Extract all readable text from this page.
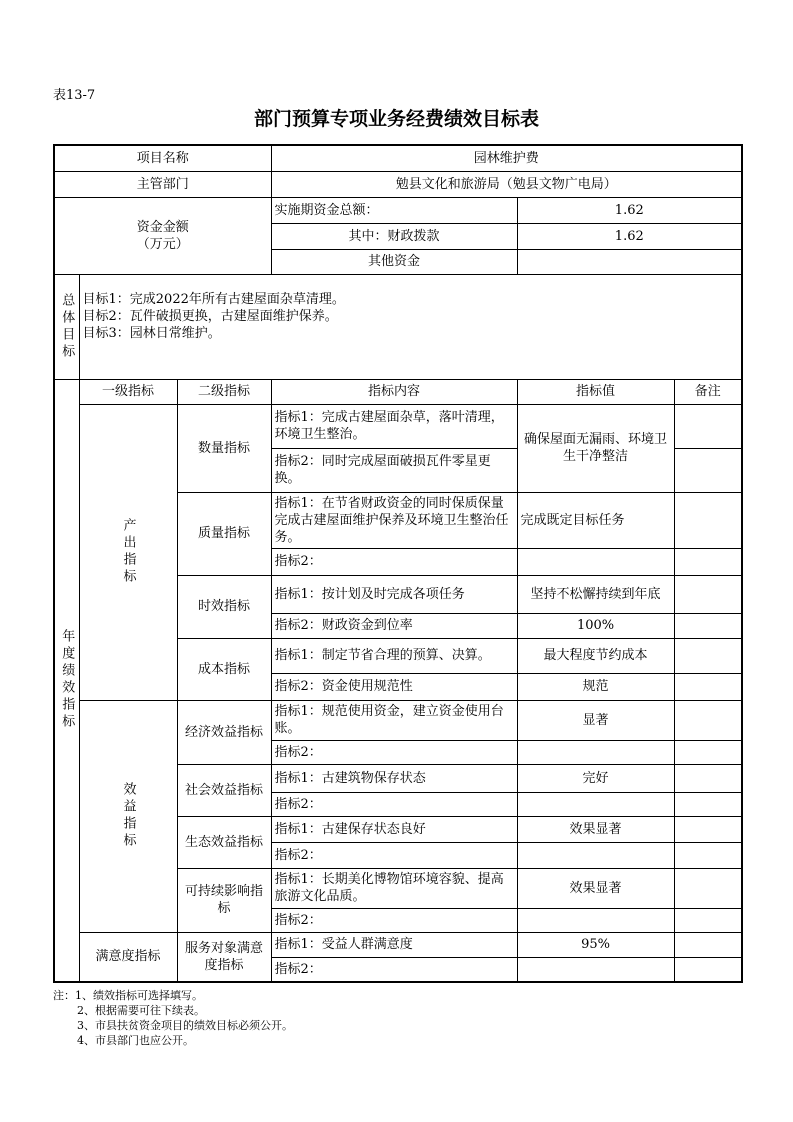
表13-7
部门预算专项业务经费绩效目标表
项目名称			园林维护费		
主管部门			勉县文化和旅游局（勉县文物广电局）		

资金金额
（万元）			实施期资金总额：	1.62	
			其中：财政拨款	1.62	
			其他资金		
总体目标	目标1：完成2022年所有古建屋面杂草清理。
目标2：瓦件破损更换，古建屋面维护保养。
目标3：园林日常维护。				

年度绩效指标	一级指标	二级指标	指标内容	指标值	备注
	产出指标	数量指标	指标1：完成古建屋面杂草，落叶清理，环境卫生整治。	确保屋面无漏雨、环境卫生干净整洁	
			指标2：同时完成屋面破损瓦件零星更换。		
		质量指标	指标1：在节省财政资金的同时保质保量完成古建屋面维护保养及环境卫生整治任务。	完成既定目标任务	
			指标2：		
		时效指标	指标1：按计划及时完成各项任务	坚持不松懈持续到年底	
			指标2：财政资金到位率	100%	
		成本指标	指标1：制定节省合理的预算、决算。	最大程度节约成本	
			指标2：资金使用规范性	规范	
	效益指标	经济效益指标	指标1：规范使用资金，建立资金使用台账。	显著	
			指标2：		
		社会效益指标	指标1：古建筑物保存状态	完好	
			指标2：		
		生态效益指标	指标1：古建保存状态良好	效果显著	
			指标2：		
		可持续影响指标	指标1：长期美化博物馆环境容貌、提高旅游文化品质。	效果显著	
			指标2：		
	满意度指标	服务对象满意度指标	指标1：受益人群满意度	95%	
			指标2：		
注：1、绩效指标可选择填写。
2、根据需要可往下续表。
3、市县扶贫资金项目的绩效目标必须公开。
4、市县部门也应公开。
